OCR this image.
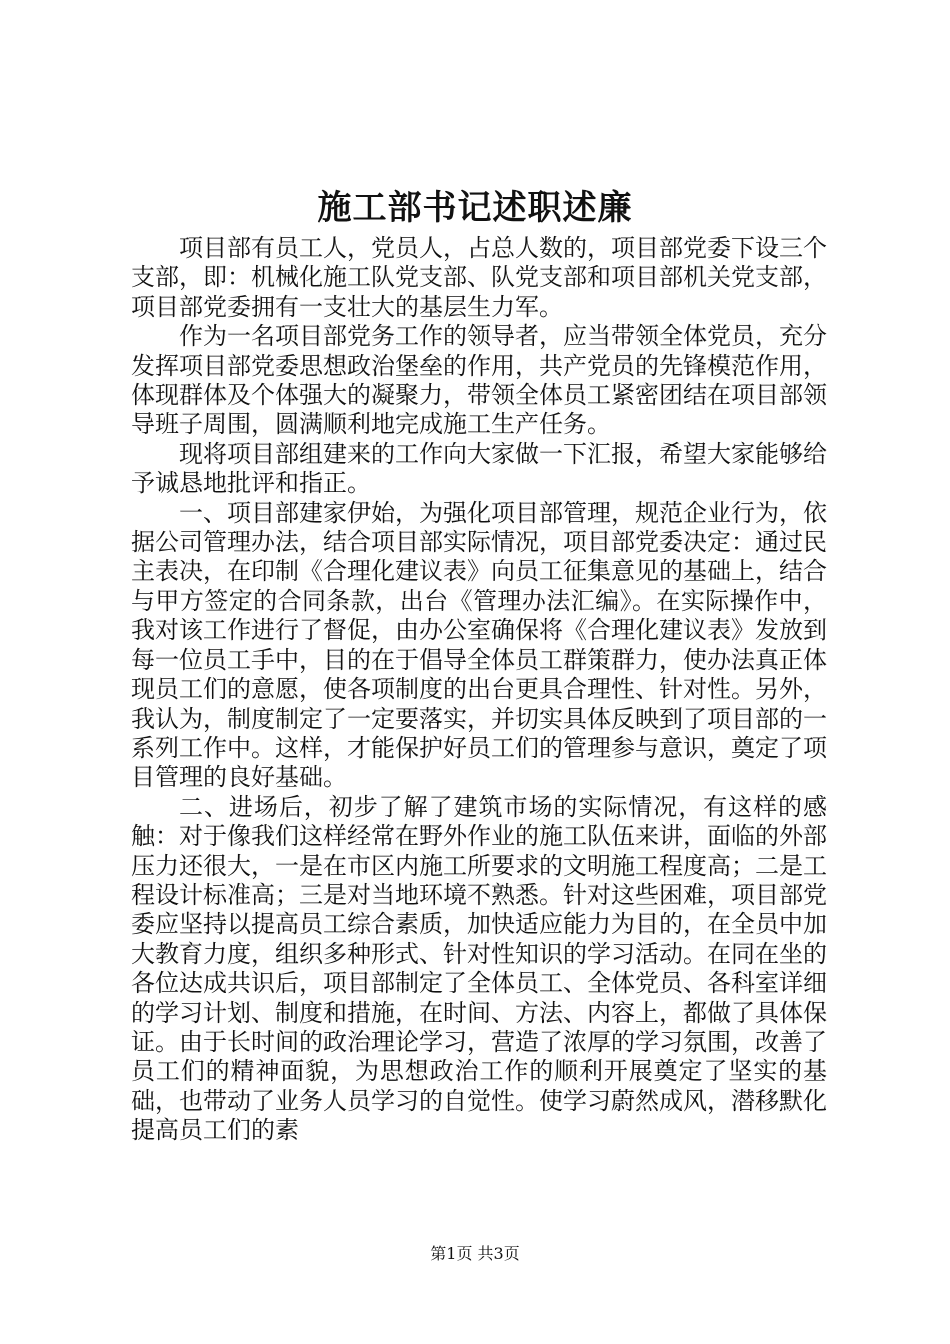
施工部书记述职述廉

项目部有员工人，党员人，占总人数的，项目部党委下设三个支部，即：机械化施工队党支部、队党支部和项目部机关党支部，项目部党委拥有一支壮大的基层生力军。

作为一名项目部党务工作的领导者，应当带领全体党员，充分发挥项目部党委思想政治堡垒的作用，共产党员的先锋模范作用，体现群体及个体强大的凝聚力，带领全体员工紧密团结在项目部领导班子周围，圆满顺利地完成施工生产任务。

现将项目部组建来的工作向大家做一下汇报，希望大家能够给予诚恳地批评和指正。

一、项目部建家伊始，为强化项目部管理，规范企业行为，依据公司管理办法，结合项目部实际情况，项目部党委决定：通过民主表决，在印制《合理化建议表》向员工征集意见的基础上，结合与甲方签定的合同条款，出台《管理办法汇编》。在实际操作中，我对该工作进行了督促，由办公室确保将《合理化建议表》发放到每一位员工手中，目的在于倡导全体员工群策群力，使办法真正体现员工们的意愿，使各项制度的出台更具合理性、针对性。另外，我认为，制度制定了一定要落实，并切实具体反映到了项目部的一系列工作中。这样，才能保护好员工们的管理参与意识，奠定了项目管理的良好基础。

二、进场后，初步了解了建筑市场的实际情况，有这样的感触：对于像我们这样经常在野外作业的施工队伍来讲，面临的外部压力还很大，一是在市区内施工所要求的文明施工程度高；二是工程设计标准高；三是对当地环境不熟悉。针对这些困难，项目部党委应坚持以提高员工综合素质，加快适应能力为目的，在全员中加大教育力度，组织多种形式、针对性知识的学习活动。在同在坐的各位达成共识后，项目部制定了全体员工、全体党员、各科室详细的学习计划、制度和措施，在时间、方法、内容上，都做了具体保证。由于长时间的政治理论学习，营造了浓厚的学习氛围，改善了员工们的精神面貌，为思想政治工作的顺利开展奠定了坚实的基础，也带动了业务人员学习的自觉性。使学习蔚然成风，潜移默化提高员工们的素

第1页 共3页
